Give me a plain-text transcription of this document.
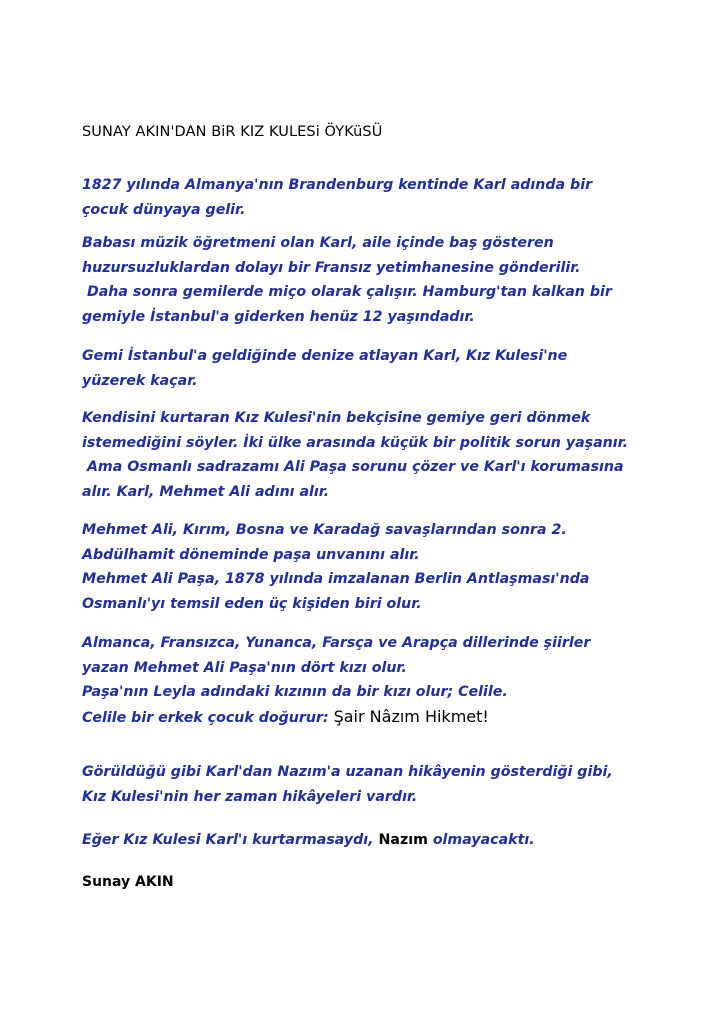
SUNAY AKIN'DAN BiR KIZ KULESi ÖYKüSÜ

1827 yılında Almanya'nın Brandenburg kentinde Karl adında bir
çocuk dünyaya gelir.

Babası müzik öğretmeni olan Karl, aile içinde baş gösteren
huzursuzluklardan dolayı bir Fransız yetimhanesine gönderilir.
Daha sonra gemilerde miço olarak çalışır. Hamburg'tan kalkan bir
gemiyle İstanbul'a giderken henüz 12 yaşındadır.

Gemi İstanbul'a geldiğinde denize atlayan Karl, Kız Kulesi'ne
yüzerek kaçar.

Kendisini kurtaran Kız Kulesi'nin bekçisine gemiye geri dönmek
istemediğini söyler. İki ülke arasında küçük bir politik sorun yaşanır.
Ama Osmanlı sadrazamı Ali Paşa sorunu çözer ve Karl'ı korumasına
alır. Karl, Mehmet Ali adını alır.

Mehmet Ali, Kırım, Bosna ve Karadağ savaşlarından sonra 2.
Abdülhamit döneminde paşa unvanını alır.
Mehmet Ali Paşa, 1878 yılında imzalanan Berlin Antlaşması'nda
Osmanlı'yı temsil eden üç kişiden biri olur.

Almanca, Fransızca, Yunanca, Farsça ve Arapça dillerinde şiirler
yazan Mehmet Ali Paşa'nın dört kızı olur.
Paşa'nın Leyla adındaki kızının da bir kızı olur; Celile.
Celile bir erkek çocuk doğurur: Şair Nâzım Hikmet!

Görüldüğü gibi Karl'dan Nazım'a uzanan hikâyenin gösterdiği gibi,
Kız Kulesi'nin her zaman hikâyeleri vardır.

Eğer Kız Kulesi Karl'ı kurtarmasaydı, Nazım olmayacaktı.

Sunay AKIN
